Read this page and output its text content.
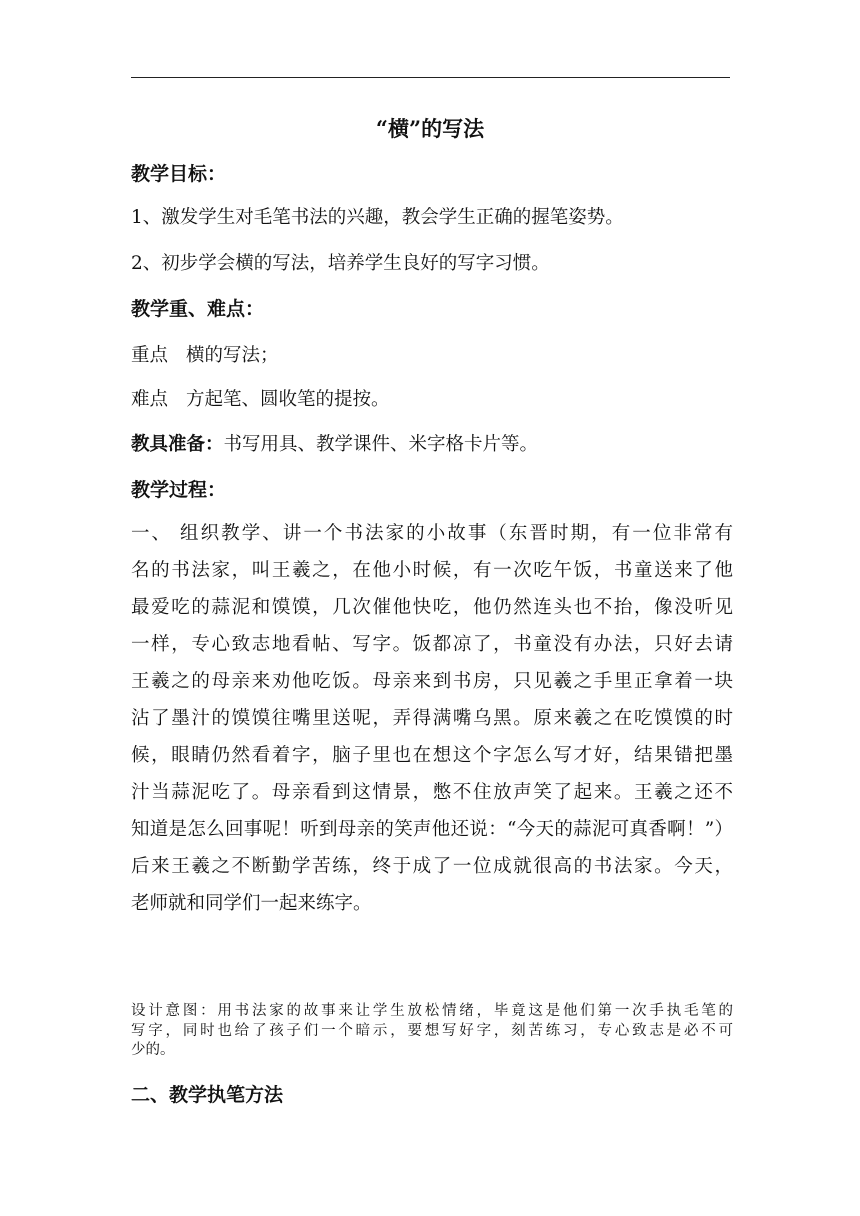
“横”的写法
教学目标：
1、激发学生对毛笔书法的兴趣，教会学生正确的握笔姿势。
2、初步学会横的写法，培养学生良好的写字习惯。
教学重、难点：
重点 横的写法；
难点 方起笔、圆收笔的提按。
教具准备：书写用具、教学课件、米字格卡片等。
教学过程：
一、 组织教学、讲一个书法家的小故事（东晋时期，有一位非常有
名的书法家，叫王羲之，在他小时候，有一次吃午饭，书童送来了他
最爱吃的蒜泥和馍馍，几次催他快吃，他仍然连头也不抬，像没听见
一样，专心致志地看帖、写字。饭都凉了，书童没有办法，只好去请
王羲之的母亲来劝他吃饭。母亲来到书房，只见羲之手里正拿着一块
沾了墨汁的馍馍往嘴里送呢，弄得满嘴乌黑。原来羲之在吃馍馍的时
候，眼睛仍然看着字，脑子里也在想这个字怎么写才好，结果错把墨
汁当蒜泥吃了。母亲看到这情景，憋不住放声笑了起来。王羲之还不
知道是怎么回事呢！听到母亲的笑声他还说：“今天的蒜泥可真香啊！”）
后来王羲之不断勤学苦练，终于成了一位成就很高的书法家。今天，
老师就和同学们一起来练字。
设计意图：用书法家的故事来让学生放松情绪，毕竟这是他们第一次手执毛笔的
写字，同时也给了孩子们一个暗示，要想写好字，刻苦练习，专心致志是必不可
少的。
二、教学执笔方法
